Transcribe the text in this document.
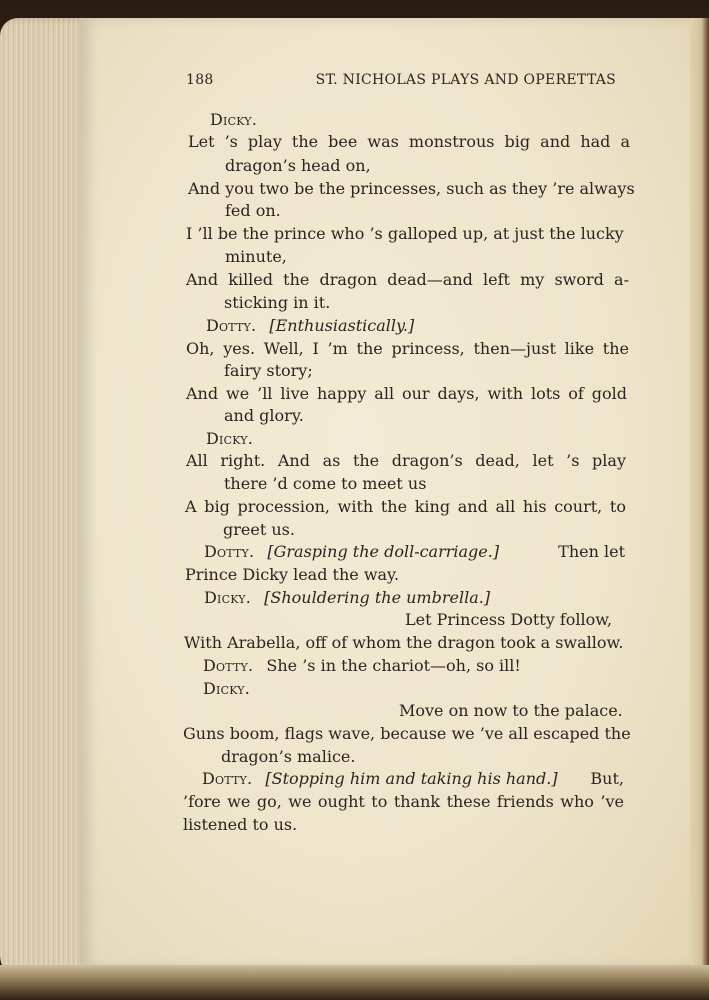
188	ST. NICHOLAS PLAYS AND OPERETTAS
Dicky.
Let ’s play the bee was monstrous big and had a
dragon’s head on,
And you two be the princesses, such as they ’re always
fed on.
I ’ll be the prince who ’s galloped up, at just the lucky
minute,
And killed the dragon dead—and left my sword a-
sticking in it.
Dotty. [Enthusiastically.]
Oh, yes. Well, I ’m the princess, then—just like the
fairy story;
And we ’ll live happy all our days, with lots of gold
and glory.
Dicky.
All right. And as the dragon’s dead, let ’s play
there ’d come to meet us
A big procession, with the king and all his court, to
greet us.
Dotty. [Grasping the doll-carriage.]	Then let
Prince Dicky lead the way.
Dicky. [Shouldering the umbrella.]
Let Princess Dotty follow,
With Arabella, off of whom the dragon took a swallow.
Dotty. She ’s in the chariot—oh, so ill!
Dicky.
Move on now to the palace.
Guns boom, flags wave, because we ’ve all escaped the
dragon’s malice.
Dotty. [Stopping him and taking his hand.] But,
’fore we go, we ought to thank these friends who ’ve
listened to us.
